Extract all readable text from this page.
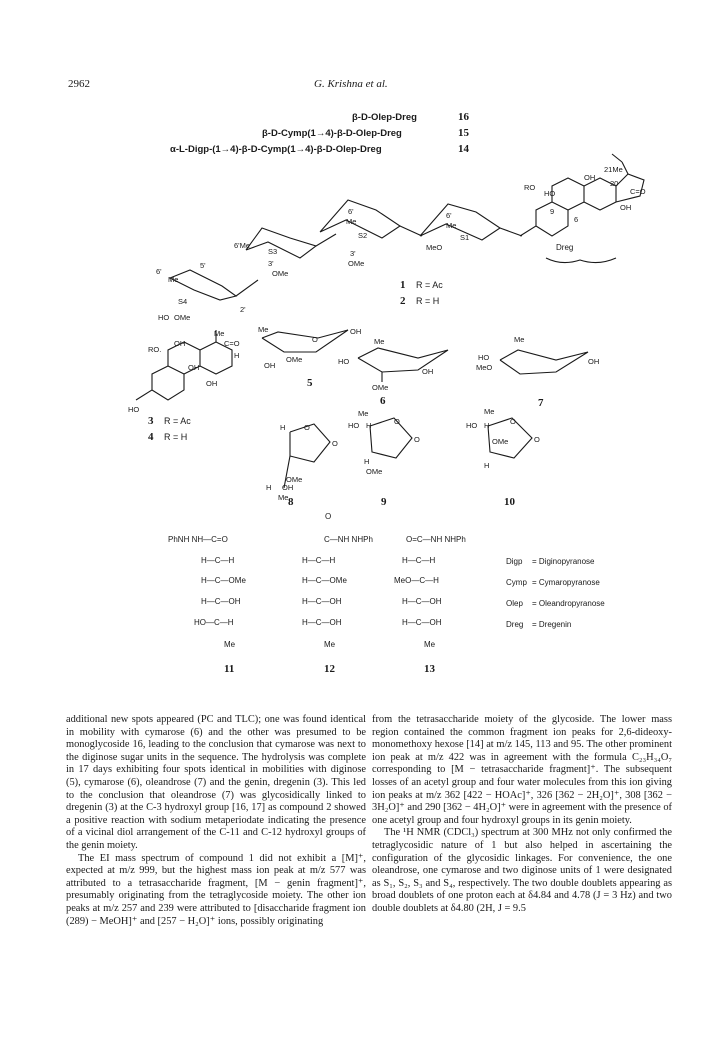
2962	G. Krishna et al.
β-D-Olep-Dreg	16
β-D-Cymp(1→4)-β-D-Olep-Dreg	15
α-L-Digp-(1→4)-β-D-Cymp(1→4)-β-D-Olep-Dreg	14
6'
Me
5'
S4
2'
HO OMe
6'Me
S3
3'
OMe
6'
Me
S2
3'
OMe
6'
Me
S1
MeO
HO
9
6
21Me
20
C=O
OH
OH
RO
Dreg
1 R = Ac
2 R = H
Me
RO.
OH	C=O
H
OH
OH
HO
3 R = Ac
4 R = H
Me	OH
O
OMe
OH
5
Me
HO
OH
OMe
6
Me
HO
MeO
OH
7
H O
O
OMe
H OH
Me 8
Me
HO H	O
O
H
OMe
9
Me
HO H	O
O
OMe
H
10
PhNH NH—C=O
H—C—H
H—C—OMe
H—C—OH
HO—C—H
Me
11
O
C—NH NHPh
H—C—H
H—C—OMe
H—C—OH
H—C—OH
Me
12
O=C—NH NHPh
H—C—H
MeO—C—H
H—C—OH
H—C—OH
Me
13
Digp = Diginopyranose
Cymp = Cymaropyranose
Olep = Oleandropyranose
Dreg = Dregenin

additional new spots appeared (PC and TLC); one was found identical in mobility with cymarose (6) and the other was presumed to be monoglycoside 16, leading to the conclusion that cymarose was next to the diginose sugar units in the sequence. The hydrolysis was complete in 17 days exhibiting four spots identical in mobilities with diginose (5), cymarose (6), oleandrose (7) and the genin, dregenin (3). This led to the conclusion that oleandrose (7) was glycosidically linked to dregenin (3) at the C-3 hydroxyl group [16, 17] as compound 2 showed a positive reaction with sodium metaperiodate indicating the presence of a vicinal diol arrangement of the C-11 and C-12 hydroxyl groups of the genin moiety.

The EI mass spectrum of compound 1 did not exhibit a [M]⁺, expected at m/z 999, but the highest mass ion peak at m/z 577 was attributed to a tetrasaccharide fragment, [M − genin fragment]⁺, presumably originating from the tetraglycoside moiety. The other ion peaks at m/z 257 and 239 were attributed to [disaccharide fragment ion (289) − MeOH]⁺ and [257 − H₂O]⁺ ions, possibly originating

from the tetrasaccharide moiety of the glycoside. The lower mass region contained the common fragment ion peaks for 2,6-dideoxy-monomethoxy hexose [14] at m/z 145, 113 and 95. The other prominent ion peak at m/z 422 was in agreement with the formula C₂₃H₃₄O₇ corresponding to [M − tetrasaccharide fragment]⁺. The subsequent losses of an acetyl group and four water molecules from this ion giving ion peaks at m/z 362 [422 − HOAc]⁺, 326 [362 − 2H₂O]⁺, 308 [362 − 3H₂O]⁺ and 290 [362 − 4H₂O]⁺ were in agreement with the presence of one acetyl group and four hydroxyl groups in its genin moiety.

The ¹H NMR (CDCl₃) spectrum at 300 MHz not only confirmed the tetraglycosidic nature of 1 but also helped in ascertaining the configuration of the glycosidic linkages. For convenience, the one oleandrose, one cymarose and two diginose units of 1 were designated as S₁, S₂, S₃ and S₄, respectively. The two double doublets appearing as broad doublets of one proton each at δ4.84 and 4.78 (J = 3 Hz) and two double doublets at δ4.80 (2H, J = 9.5
